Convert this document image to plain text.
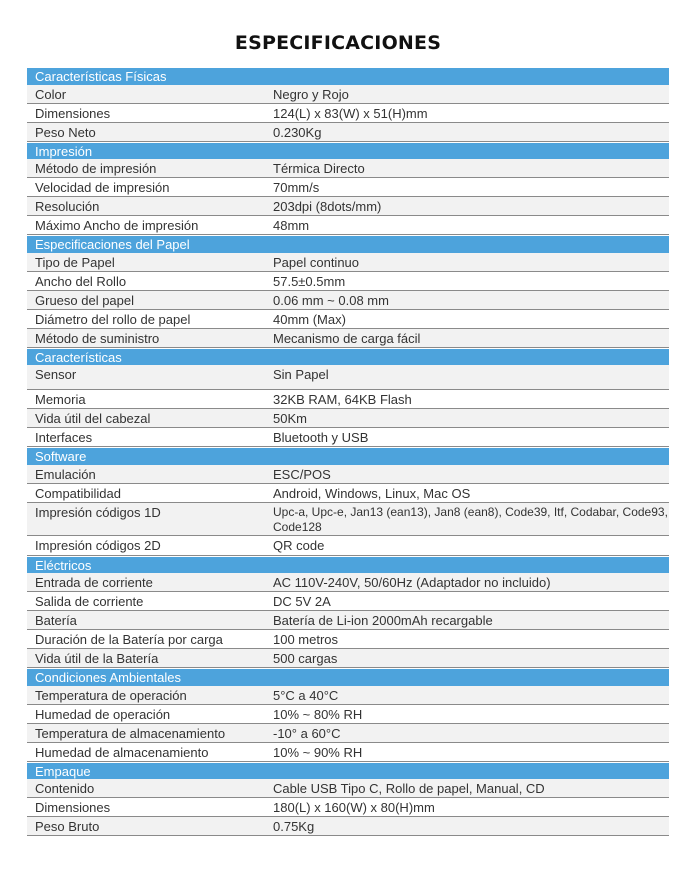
ESPECIFICACIONES
Características Físicas
Color	Negro y Rojo
Dimensiones	124(L) x 83(W) x 51(H)mm
Peso Neto	0.230Kg
Impresión
Método de impresión	Térmica Directo
Velocidad de impresión	70mm/s
Resolución	203dpi (8dots/mm)
Máximo Ancho de impresión	48mm
Especificaciones del Papel
Tipo de Papel	Papel continuo
Ancho del Rollo	57.5±0.5mm
Grueso del papel	0.06 mm ~ 0.08 mm
Diámetro del rollo de papel	40mm (Max)
Método de suministro	Mecanismo de carga fácil
Características
Sensor	Sin Papel
Memoria	32KB RAM, 64KB Flash
Vida útil del cabezal	50Km
Interfaces	Bluetooth y USB
Software
Emulación	ESC/POS
Compatibilidad	Android, Windows, Linux, Mac OS
Impresión códigos 1D	Upc-a, Upc-e, Jan13 (ean13), Jan8 (ean8), Code39, Itf, Codabar, Code93, Code128
Impresión códigos 2D	QR code
Eléctricos
Entrada de corriente	AC 110V-240V, 50/60Hz (Adaptador no incluido)
Salida de corriente	DC 5V 2A
Batería	Batería de Li-ion 2000mAh recargable
Duración de la Batería por carga	100 metros
Vida útil de la Batería	500 cargas
Condiciones Ambientales
Temperatura de operación	5°C a 40°C
Humedad de operación	10% ~ 80% RH
Temperatura de almacenamiento	-10° a 60°C
Humedad de almacenamiento	10% ~ 90% RH
Empaque
Contenido	Cable USB Tipo C, Rollo de papel, Manual, CD
Dimensiones	180(L) x 160(W) x 80(H)mm
Peso Bruto	0.75Kg
